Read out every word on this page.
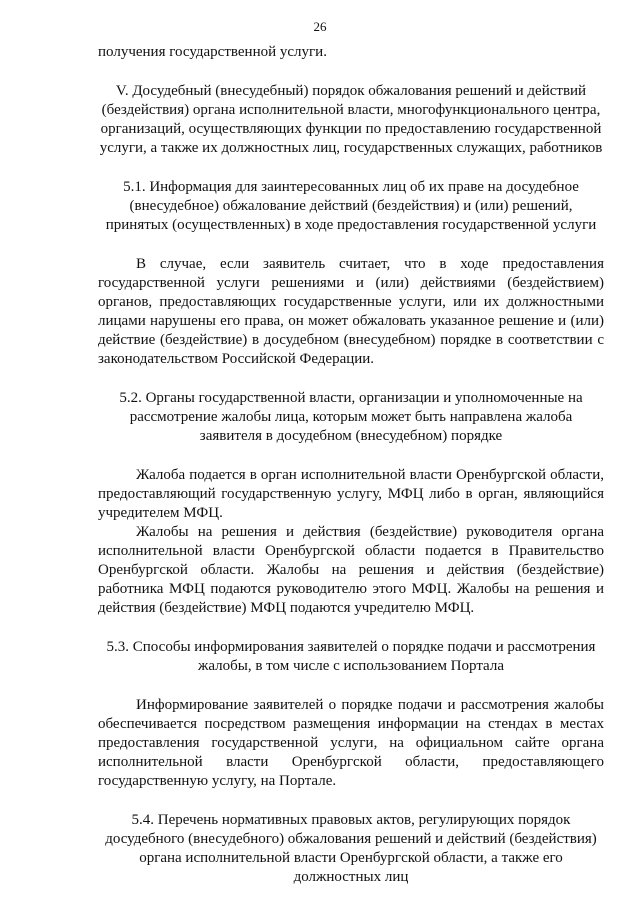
26

получения государственной услуги.

V. Досудебный (внесудебный) порядок обжалования решений и действий (бездействия) органа исполнительной власти, многофункционального центра, организаций, осуществляющих функции по предоставлению государственной услуги, а также их должностных лиц, государственных служащих, работников

5.1. Информация для заинтересованных лиц об их праве на досудебное (внесудебное) обжалование действий (бездействия) и (или) решений, принятых (осуществленных) в ходе предоставления государственной услуги

В случае, если заявитель считает, что в ходе предоставления государственной услуги решениями и (или) действиями (бездействием) органов, предоставляющих государственные услуги, или их должностными лицами нарушены его права, он может обжаловать указанное решение и (или) действие (бездействие) в досудебном (внесудебном) порядке в соответствии с законодательством Российской Федерации.

5.2. Органы государственной власти, организации и уполномоченные на рассмотрение жалобы лица, которым может быть направлена жалоба заявителя в досудебном (внесудебном) порядке

Жалоба подается в орган исполнительной власти Оренбургской области, предоставляющий государственную услугу, МФЦ либо в орган, являющийся учредителем МФЦ.

Жалобы на решения и действия (бездействие) руководителя органа исполнительной власти Оренбургской области подается в Правительство Оренбургской области. Жалобы на решения и действия (бездействие) работника МФЦ подаются руководителю этого МФЦ. Жалобы на решения и действия (бездействие) МФЦ подаются учредителю МФЦ.

5.3. Способы информирования заявителей о порядке подачи и рассмотрения жалобы, в том числе с использованием Портала

Информирование заявителей о порядке подачи и рассмотрения жалобы обеспечивается посредством размещения информации на стендах в местах предоставления государственной услуги, на официальном сайте органа исполнительной власти Оренбургской области, предоставляющего государственную услугу, на Портале.

5.4. Перечень нормативных правовых актов, регулирующих порядок досудебного (внесудебного) обжалования решений и действий (бездействия) органа исполнительной власти Оренбургской области, а также его должностных лиц
